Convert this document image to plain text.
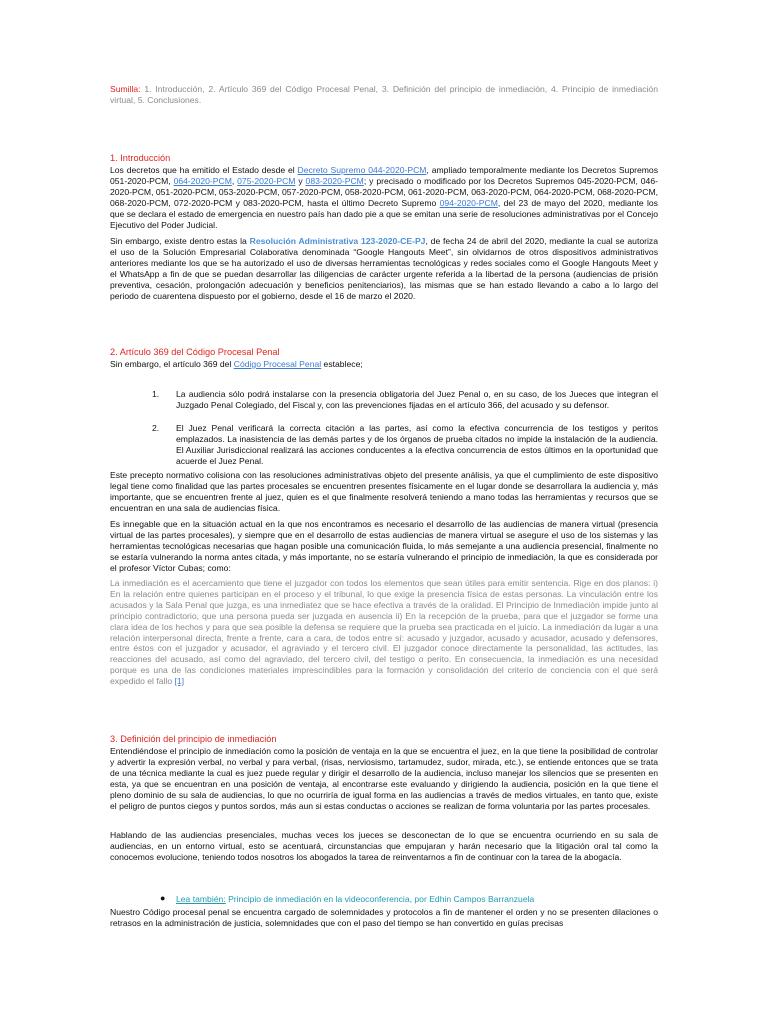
Sumilla: 1. Introducción, 2. Artículo 369 del Código Procesal Penal, 3. Definición del principio de inmediación, 4. Principio de inmediación virtual, 5. Conclusiones.

1. Introducción

Los decretos que ha emitido el Estado desde el Decreto Supremo 044-2020-PCM, ampliado temporalmente mediante los Decretos Supremos 051-2020-PCM, 064-2020-PCM, 075-2020-PCM y 083-2020-PCM; y precisado o modificado por los Decretos Supremos 045-2020-PCM, 046-2020-PCM, 051-2020-PCM, 053-2020-PCM, 057-2020-PCM, 058-2020-PCM, 061-2020-PCM, 063-2020-PCM, 064-2020-PCM, 068-2020-PCM, 068-2020-PCM, 072-2020-PCM y 083-2020-PCM, hasta el último Decreto Supremo 094-2020-PCM, del 23 de mayo del 2020, mediante los que se declara el estado de emergencia en nuestro país han dado pie a que se emitan una serie de resoluciones administrativas por el Concejo Ejecutivo del Poder Judicial.

Sin embargo, existe dentro estas la Resolución Administrativa 123-2020-CE-PJ, de fecha 24 de abril del 2020, mediante la cual se autoriza el uso de la Solución Empresarial Colaborativa denominada “Google Hangouts Meet”, sin olvidarnos de otros dispositivos administrativos anteriores mediante los que se ha autorizado el uso de diversas herramientas tecnológicas y redes sociales como el Google Hangouts Meet y el WhatsApp a fin de que se puedan desarrollar las diligencias de carácter urgente referida a la libertad de la persona (audiencias de prisión preventiva, cesación, prolongación adecuación y beneficios penitenciarios), las mismas que se han estado llevando a cabo a lo largo del periodo de cuarentena dispuesto por el gobierno, desde el 16 de marzo el 2020.

2. Artículo 369 del Código Procesal Penal

Sin embargo, el artículo 369 del Código Procesal Penal establece;

1. La audiencia sólo podrá instalarse con la presencia obligatoria del Juez Penal o, en su caso, de los Jueces que integran el Juzgado Penal Colegiado, del Fiscal y, con las prevenciones fijadas en el artículo 366, del acusado y su defensor.

2. El Juez Penal verificará la correcta citación a las partes, así como la efectiva concurrencia de los testigos y peritos emplazados. La inasistencia de las demás partes y de los órganos de prueba citados no impide la instalación de la audiencia. El Auxiliar Jurisdiccional realizará las acciones conducentes a la efectiva concurrencia de estos últimos en la oportunidad que acuerde el Juez Penal.

Este precepto normativo colisiona con las resoluciones administrativas objeto del presente análisis, ya que el cumplimiento de este dispositivo legal tiene como finalidad que las partes procesales se encuentren presentes físicamente en el lugar donde se desarrollara la audiencia y, más importante, que se encuentren frente al juez, quien es el que finalmente resolverá teniendo a mano todas las herramientas y recursos que se encuentran en una sala de audiencias física.

Es innegable que en la situación actual en la que nos encontramos es necesario el desarrollo de las audiencias de manera virtual (presencia virtual de las partes procesales), y siempre que en el desarrollo de estas audiencias de manera virtual se asegure el uso de los sistemas y las herramientas tecnológicas necesarias que hagan posible una comunicación fluida, lo más semejante a una audiencia presencial, finalmente no se estaría vulnerando la norma antes citada, y más importante, no se estaría vulnerando el principio de inmediación, la que es considerada por el profesor Víctor Cubas; como:

La inmediación es el acercamiento que tiene el juzgador con todos los elementos que sean útiles para emitir sentencia. Rige en dos planos: i) En la relación entre quienes participan en el proceso y el tribunal, lo que exige la presencia física de estas personas. La vinculación entre los acusados y la Sala Penal que juzga, es una inmediatez que se hace efectiva a través de la oralidad. El Principio de Inmediación impide junto al principio contradictorio, que una persona pueda ser juzgada en ausencia ii) En la recepción de la prueba, para que el juzgador se forme una clara idea de los hechos y para que sea posible la defensa se requiere que la prueba sea practicada en el juicio. La inmediación da lugar a una relación interpersonal directa, frente a frente, cara a cara, de todos entre sí: acusado y juzgador, acusado y acusador, acusado y defensores, entre éstos con el juzgador y acusador, el agraviado y el tercero civil. El juzgador conoce directamente la personalidad, las actitudes, las reacciones del acusado, así como del agraviado, del tercero civil, del testigo o perito. En consecuencia, la inmediación es una necesidad porque es una de las condiciones materiales imprescindibles para la formación y consolidación del criterio de conciencia con el que será expedido el fallo [1]

3. Definición del principio de inmediación

Entendiéndose el principio de inmediación como la posición de ventaja en la que se encuentra el juez, en la que tiene la posibilidad de controlar y advertir la expresión verbal, no verbal y para verbal, (risas, nerviosismo, tartamudez, sudor, mirada, etc.), se entiende entonces que se trata de una técnica mediante la cual es juez puede regular y dirigir el desarrollo de la audiencia, incluso manejar los silencios que se presenten en esta, ya que se encuentran en una posición de ventaja, al encontrarse este evaluando y dirigiendo la audiencia, posición en la que tiene el pleno dominio de su sala de audiencias, lo que no ocurriría de igual forma en las audiencias a través de medios virtuales, en tanto que, existe el peligro de puntos ciegos y puntos sordos, más aun si estas conductas o acciones se realizan de forma voluntaria por las partes procesales.

Hablando de las audiencias presenciales, muchas veces los jueces se desconectan de lo que se encuentra ocurriendo en su sala de audiencias, en un entorno virtual, esto se acentuará, circunstancias que empujaran y harán necesario que la litigación oral tal como la conocemos evolucione, teniendo todos nosotros los abogados la tarea de reinventarnos a fin de continuar con la tarea de la abogacía.

● Lea también: Principio de inmediación en la videoconferencia, por Edhin Campos Barranzuela

Nuestro Código procesal penal se encuentra cargado de solemnidades y protocolos a fin de mantener el orden y no se presenten dilaciones o retrasos en la administración de justicia, solemnidades que con el paso del tiempo se han convertido en guías precisas
